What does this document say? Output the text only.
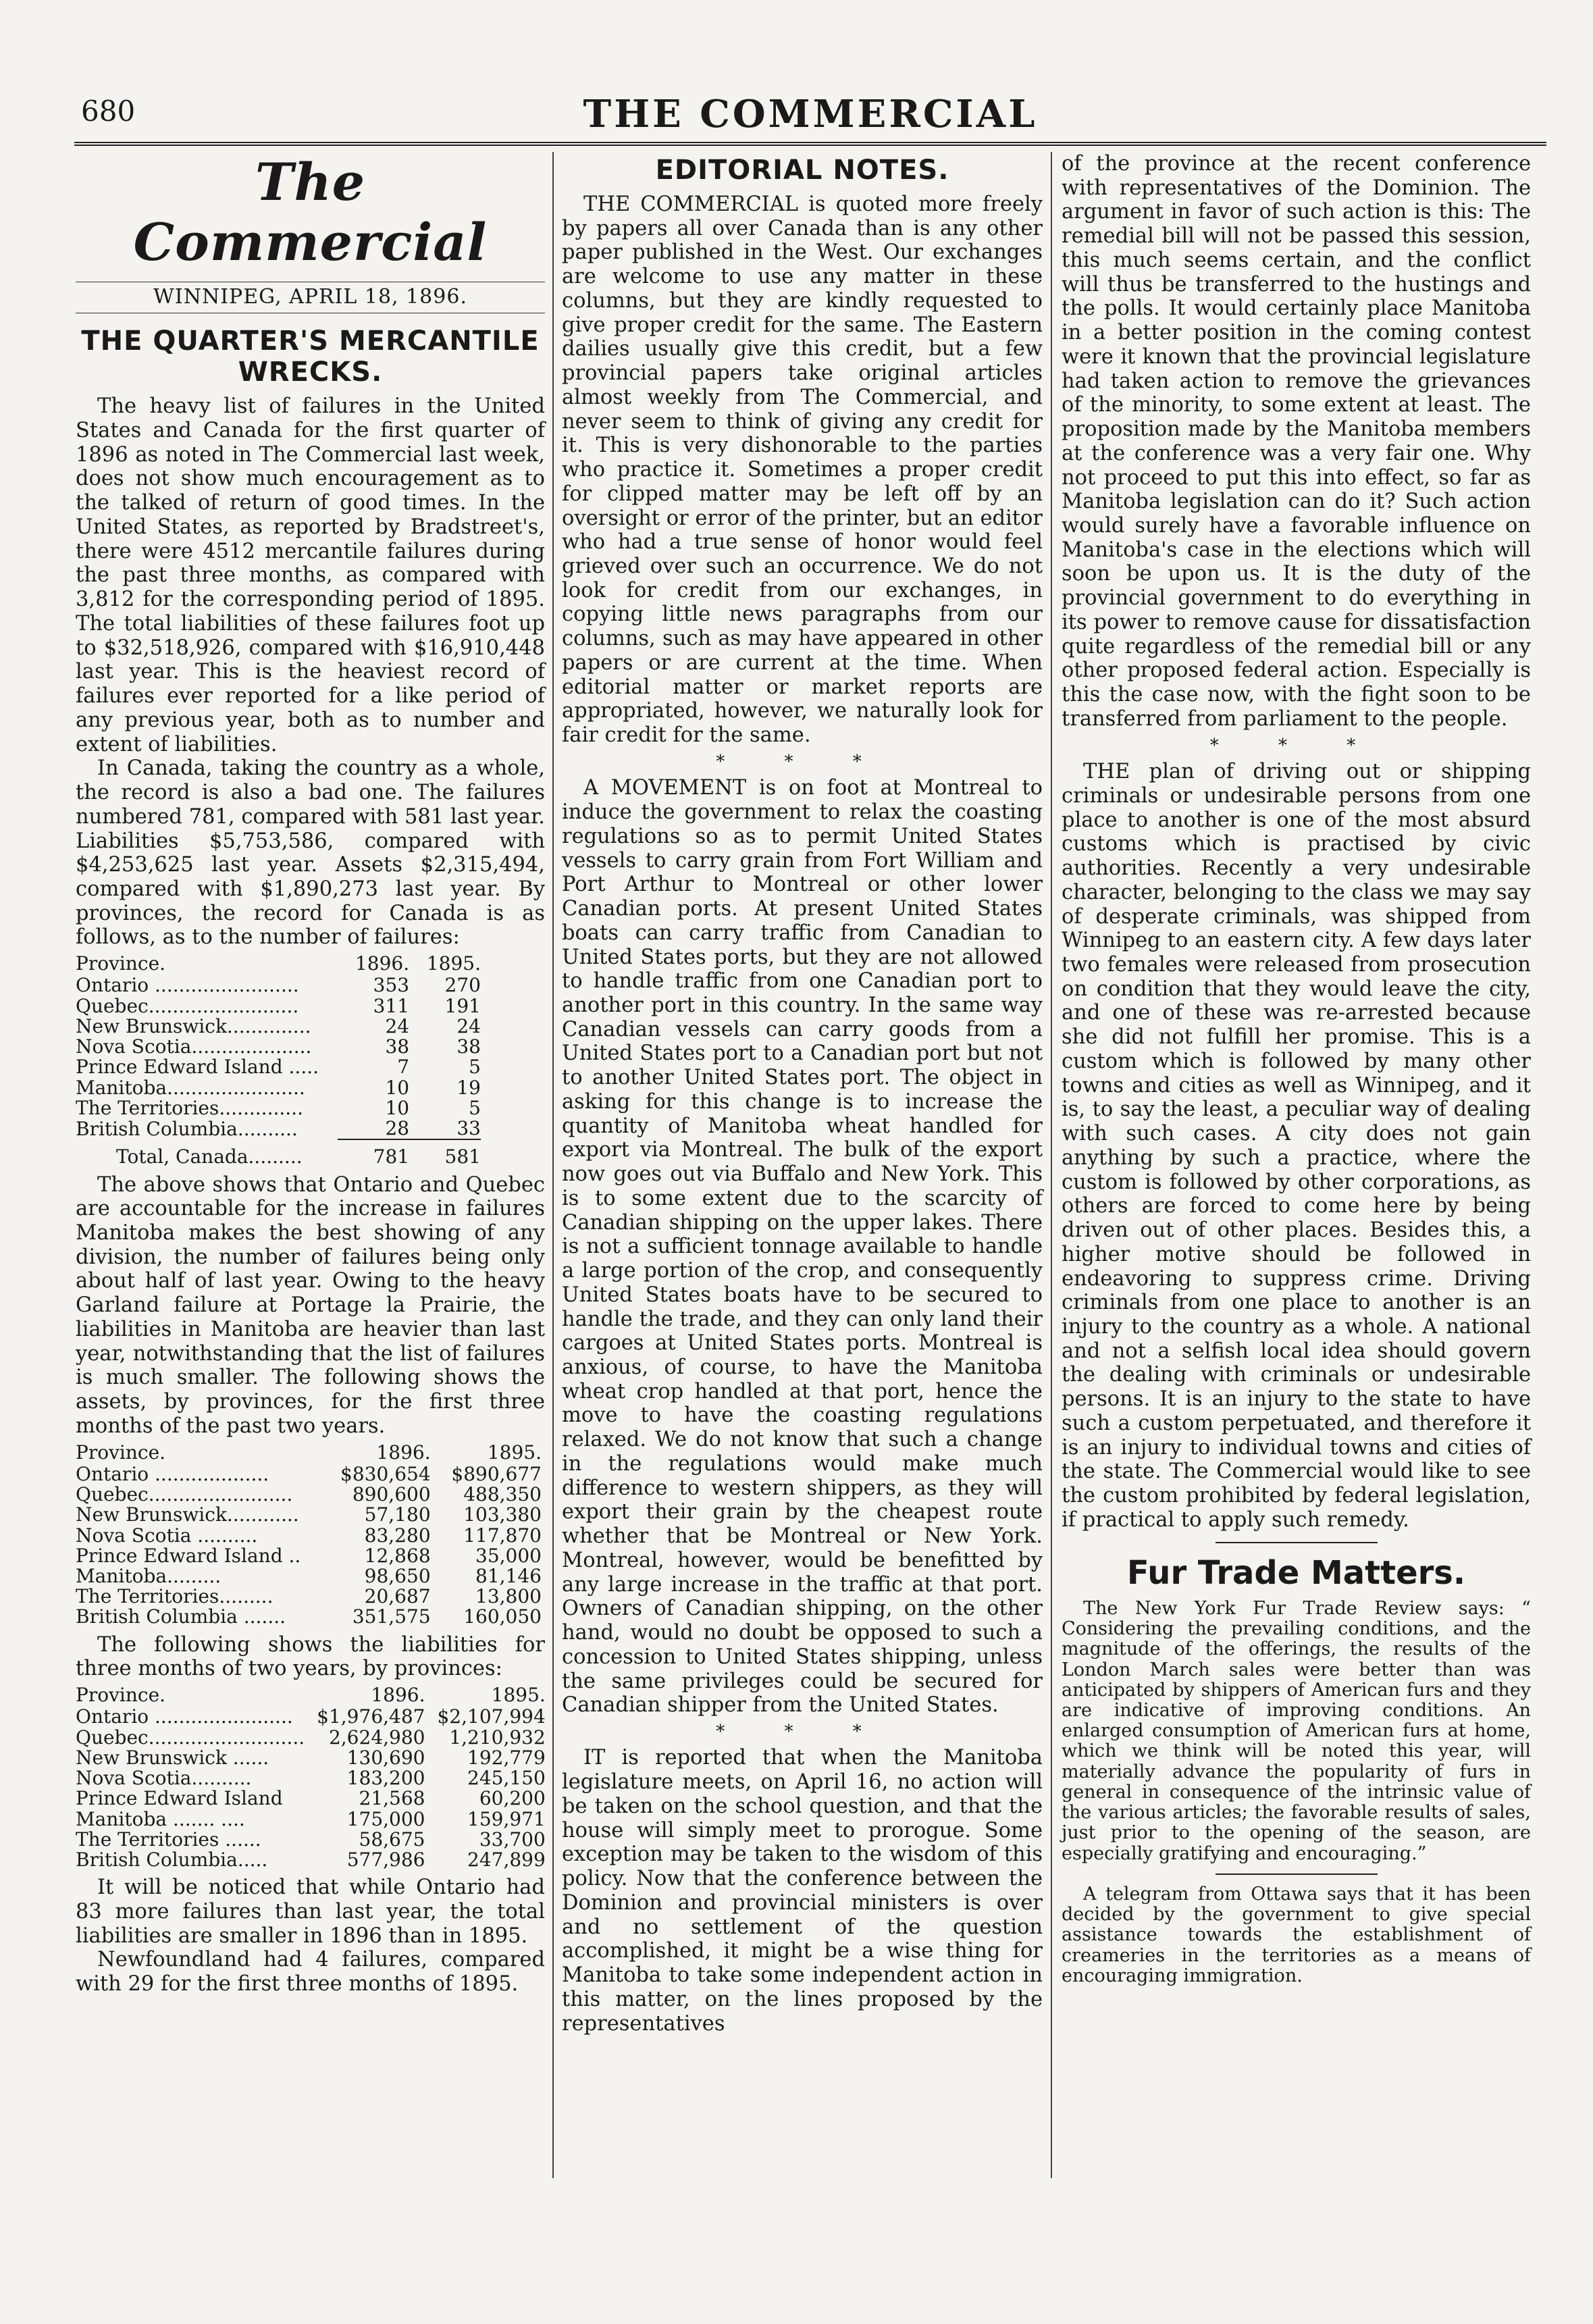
680	THE COMMERCIAL
The Commercial
WINNIPEG, APRIL 18, 1896.
THE QUARTER'S MERCANTILE WRECKS.

The heavy list of failures in the United States and Canada for the first quarter of 1896 as noted in The Commercial last week, does not show much encouragement as to the talked of return of good times. In the United States, as reported by Bradstreet's, there were 4512 mercantile failures during the past three months, as compared with 3,812 for the corresponding period of 1895. The total liabilities of these failures foot up to $32,518,926, compared with $16,910,448 last year. This is the heaviest record of failures ever reported for a like period of any previous year, both as to number and extent of liabilities.

In Canada, taking the country as a whole, the record is also a bad one. The failures numbered 781, compared with 581 last year. Liabilities $5,753,586, compared with $4,253,625 last year. Assets $2,315,494, compared with $1,890,273 last year. By provinces, the record for Canada is as follows, as to the number of failures:

Province.	1896.	1895.
Ontario ........................	353	270
Quebec.........................	311	191
New Brunswick..............	24	24
Nova Scotia....................	38	38
Prince Edward Island .....	7	5
Manitoba.......................	10	19
The Territories..............	10	5
British Columbia..........	28	33
Total, Canada.........	781	581

The above shows that Ontario and Quebec are accountable for the increase in failures Manitoba makes the best showing of any division, the number of failures being only about half of last year. Owing to the heavy Garland failure at Portage la Prairie, the liabilities in Manitoba are heavier than last year, notwithstanding that the list of failures is much smaller. The following shows the assets, by provinces, for the first three months of the past two years.

Province.	1896.	1895.
Ontario ...................	$830,654	$890,677
Quebec........................	890,600	488,350
New Brunswick............	57,180	103,380
Nova Scotia ..........	83,280	117,870
Prince Edward Island ..	12,868	35,000
Manitoba.........	98,650	81,146
The Territories.........	20,687	13,800
British Columbia .......	351,575	160,050

The following shows the liabilities for three months of two years, by provinces:

Province.	1896.	1895.
Ontario .......................	$1,976,487	$2,107,994
Quebec..........................	2,624,980	1,210,932
New Brunswick ......	130,690	192,779
Nova Scotia..........	183,200	245,150
Prince Edward Island	21,568	60,200
Manitoba ....... ....	175,000	159,971
The Territories ......	58,675	33,700
British Columbia.....	577,986	247,899

It will be noticed that while Ontario had 83 more failures than last year, the total liabilities are smaller in 1896 than in 1895.

Newfoundland had 4 failures, compared with 29 for the first three months of 1895.

EDITORIAL NOTES.

THE COMMERCIAL is quoted more freely by papers all over Canada than is any other paper published in the West. Our exchanges are welcome to use any matter in these columns, but they are kindly requested to give proper credit for the same. The Eastern dailies usually give this credit, but a few provincial papers take original articles almost weekly from The Commercial, and never seem to think of giving any credit for it. This is very dishonorable to the parties who practice it. Sometimes a proper credit for clipped matter may be left off by an oversight or error of the printer, but an editor who had a true sense of honor would feel grieved over such an occurrence. We do not look for credit from our exchanges, in copying little news paragraphs from our columns, such as may have appeared in other papers or are current at the time. When editorial matter or market reports are appropriated, however, we naturally look for fair credit for the same.

* * *

A MOVEMENT is on foot at Montreal to induce the government to relax the coasting regulations so as to permit United States vessels to carry grain from Fort William and Port Arthur to Montreal or other lower Canadian ports. At present United States boats can carry traffic from Canadian to United States ports, but they are not allowed to handle traffic from one Canadian port to another port in this country. In the same way Canadian vessels can carry goods from a United States port to a Canadian port but not to another United States port. The object in asking for this change is to increase the quantity of Manitoba wheat handled for export via Montreal. The bulk of the export now goes out via Buffalo and New York. This is to some extent due to the scarcity of Canadian shipping on the upper lakes. There is not a sufficient tonnage available to handle a large portion of the crop, and consequently United States boats have to be secured to handle the trade, and they can only land their cargoes at United States ports. Montreal is anxious, of course, to have the Manitoba wheat crop handled at that port, hence the move to have the coasting regulations relaxed. We do not know that such a change in the regulations would make much difference to western shippers, as they will export their grain by the cheapest route whether that be Montreal or New York. Montreal, however, would be benefitted by any large increase in the traffic at that port. Owners of Canadian shipping, on the other hand, would no doubt be opposed to such a concession to United States shipping, unless the same privileges could be secured for Canadian shipper from the United States.

* * *

IT is reported that when the Manitoba legislature meets, on April 16, no action will be taken on the school question, and that the house will simply meet to prorogue. Some exception may be taken to the wisdom of this policy. Now that the conference between the Dominion and provincial ministers is over and no settlement of the question accomplished, it might be a wise thing for Manitoba to take some independent action in this matter, on the lines proposed by the representatives

of the province at the recent conference with representatives of the Dominion. The argument in favor of such action is this: The remedial bill will not be passed this session, this much seems certain, and the conflict will thus be transferred to the hustings and the polls. It would certainly place Manitoba in a better position in the coming contest were it known that the provincial legislature had taken action to remove the grievances of the minority, to some extent at least. The proposition made by the Manitoba members at the conference was a very fair one. Why not proceed to put this into effect, so far as Manitoba legislation can do it? Such action would surely have a favorable influence on Manitoba's case in the elections which will soon be upon us. It is the duty of the provincial government to do everything in its power to remove cause for dissatisfaction quite regardless of the remedial bill or any other proposed federal action. Especially is this the case now, with the fight soon to be transferred from parliament to the people.

* * *

THE plan of driving out or shipping criminals or undesirable persons from one place to another is one of the most absurd customs which is practised by civic authorities. Recently a very undesirable character, belonging to the class we may say of desperate criminals, was shipped from Winnipeg to an eastern city. A few days later two females were released from prosecution on condition that they would leave the city, and one of these was re-arrested because she did not fulfill her promise. This is a custom which is followed by many other towns and cities as well as Winnipeg, and it is, to say the least, a peculiar way of dealing with such cases. A city does not gain anything by such a practice, where the custom is followed by other corporations, as others are forced to come here by being driven out of other places. Besides this, a higher motive should be followed in endeavoring to suppress crime. Driving criminals from one place to another is an injury to the country as a whole. A national and not a selfish local idea should govern the dealing with criminals or undesirable persons. It is an injury to the state to have such a custom perpetuated, and therefore it is an injury to individual towns and cities of the state. The Commercial would like to see the custom prohibited by federal legislation, if practical to apply such remedy.

Fur Trade Matters.

The New York Fur Trade Review says: “ Considering the prevailing conditions, and the magnitude of the offerings, the results of the London March sales were better than was anticipated by shippers of American furs and they are indicative of improving conditions. An enlarged consumption of American furs at home, which we think will be noted this year, will materially advance the popularity of furs in general in consequence of the intrinsic value of the various articles; the favorable results of sales, just prior to the opening of the season, are especially gratifying and encouraging.”

A telegram from Ottawa says that it has been decided by the government to give special assistance towards the establishment of creameries in the territories as a means of encouraging immigration.
